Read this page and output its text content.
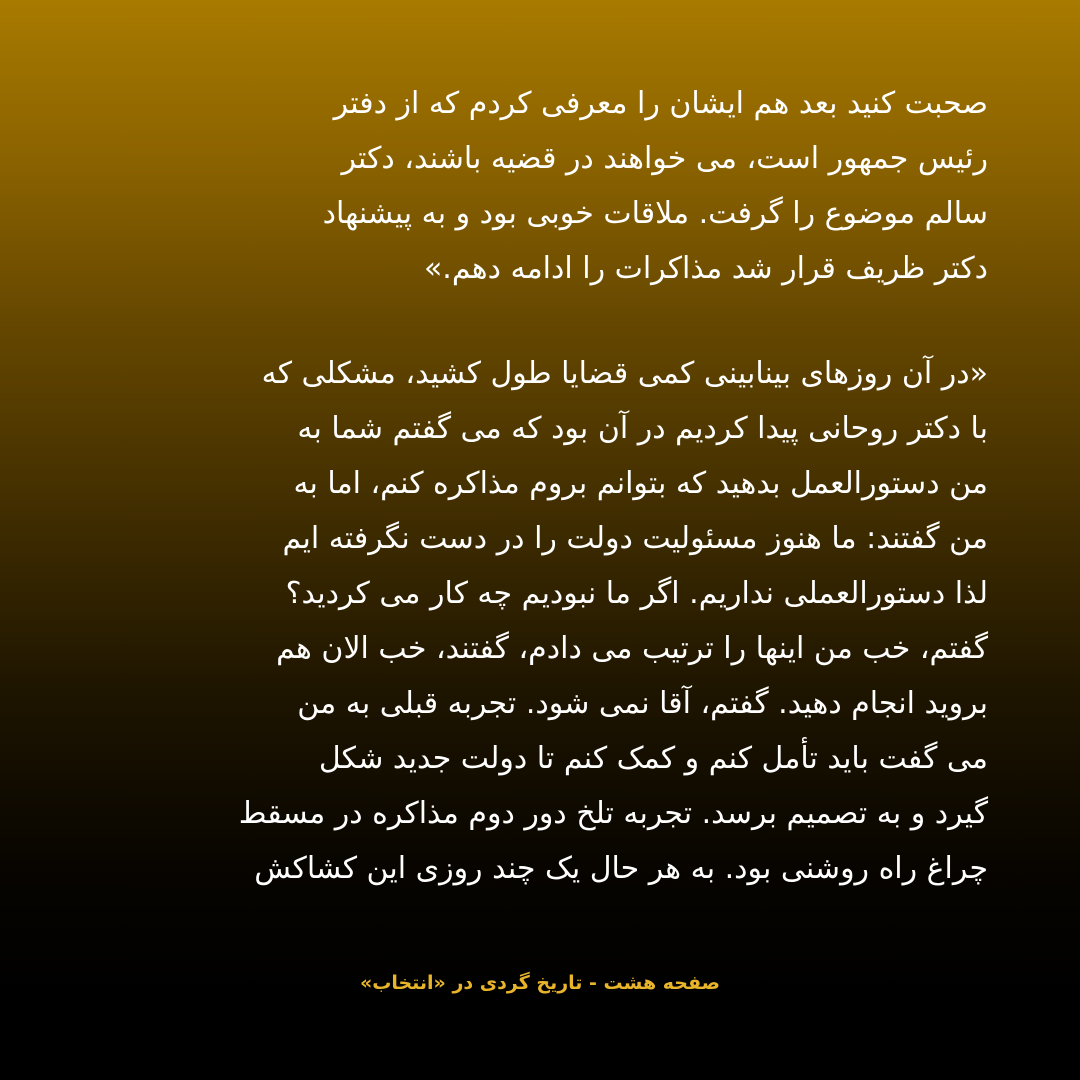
صحبت کنید بعد هم ایشان را معرفی کردم که از دفتر
رئیس جمهور است، می خواهند در قضیه باشند، دکتر
سالم موضوع را گرفت. ملاقات خوبی بود و به پیشنهاد
دکتر ظریف قرار شد مذاکرات را ادامه دهم.»
«در آن روزهای بینابینی کمی قضایا طول کشید، مشکلی که
با دکتر روحانی پیدا کردیم در آن بود که می گفتم شما به
من دستورالعمل بدهید که بتوانم بروم مذاکره کنم، اما به
من گفتند: ما هنوز مسئولیت دولت را در دست نگرفته ایم
لذا دستورالعملی نداریم. اگر ما نبودیم چه کار می کردید؟
گفتم، خب من اینها را ترتیب می دادم، گفتند، خب الان هم
بروید انجام دهید. گفتم، آقا نمی شود. تجربه قبلی به من
می گفت باید تأمل کنم و کمک کنم تا دولت جدید شکل
گیرد و به تصمیم برسد. تجربه تلخ دور دوم مذاکره در مسقط
چراغ راه روشنی بود. به هر حال یک چند روزی این کشاکش
صفحه هشت - تاریخ گردی در «انتخاب»
